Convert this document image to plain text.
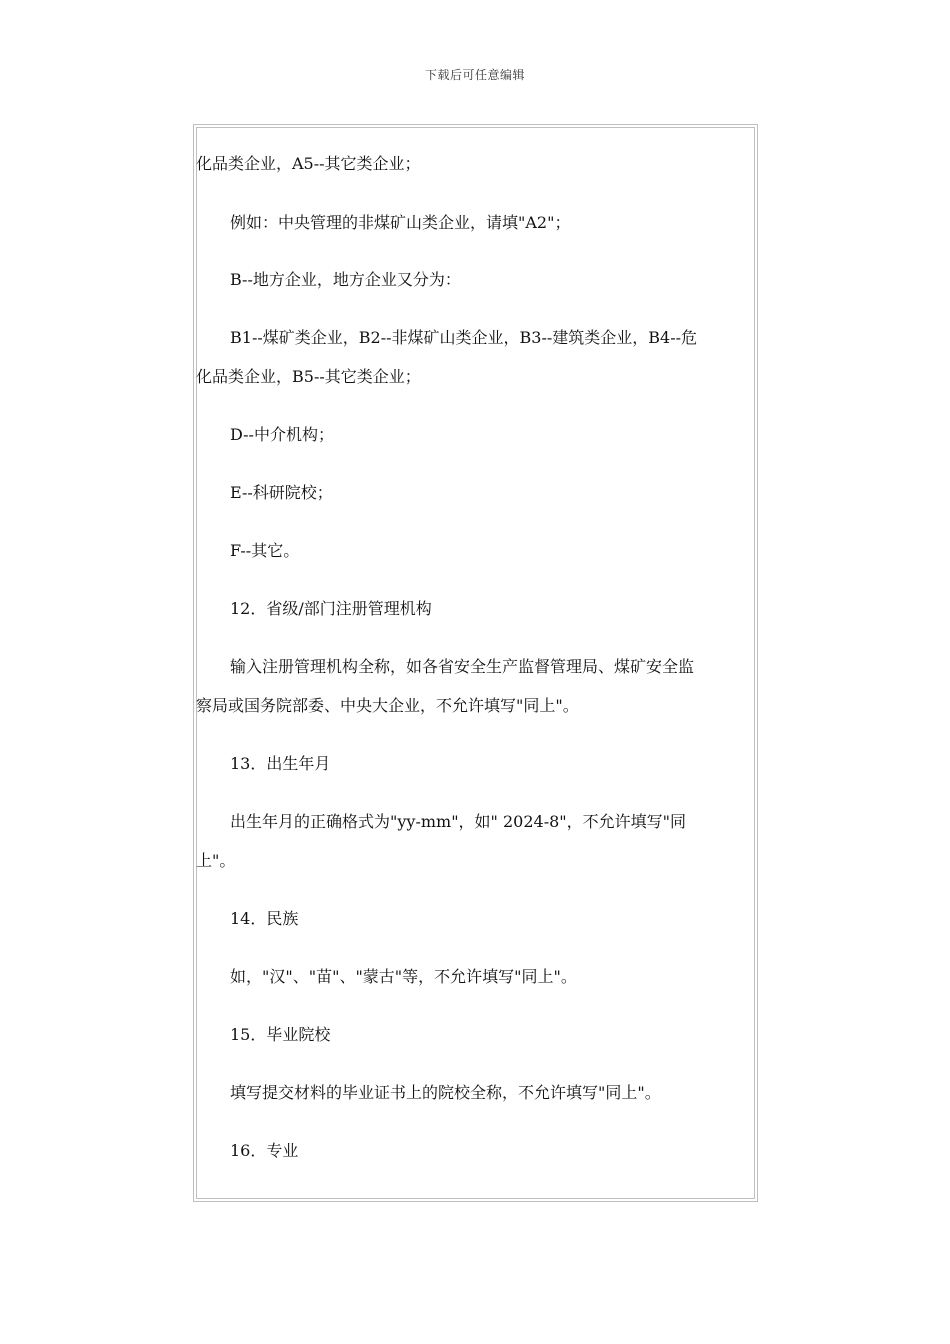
下载后可任意编辑
化品类企业，A5--其它类企业；
例如：中央管理的非煤矿山类企业，请填"A2"；
B--地方企业，地方企业又分为：
B1--煤矿类企业，B2--非煤矿山类企业，B3--建筑类企业，B4--危
化品类企业，B5--其它类企业；
D--中介机构；
E--科研院校；
F--其它。
12．省级/部门注册管理机构
输入注册管理机构全称，如各省安全生产监督管理局、煤矿安全监
察局或国务院部委、中央大企业，不允许填写"同上"。
13．出生年月
出生年月的正确格式为"yy-mm"，如" 2024-8"，不允许填写"同
上"。
14．民族
如，"汉"、"苗"、"蒙古"等，不允许填写"同上"。
15．毕业院校
填写提交材料的毕业证书上的院校全称，不允许填写"同上"。
16．专业
